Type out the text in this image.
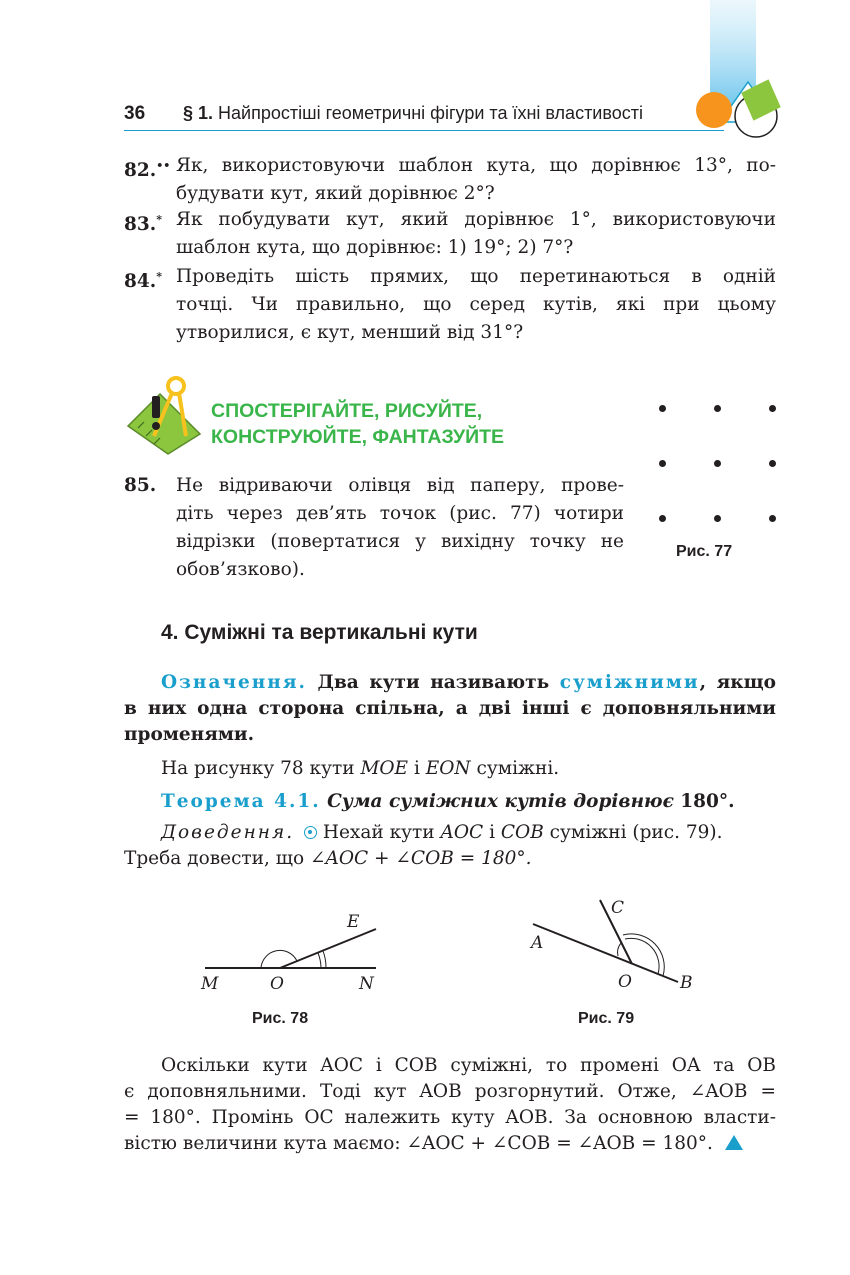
36 § 1. Найпростіші геометричні фігури та їхні властивості
82.•• Як, використовуючи шаблон кута, що дорівнює 13°, по-
будувати кут, який дорівнює 2°?
83.* Як побудувати кут, який дорівнює 1°, використовуючи
шаблон кута, що дорівнює: 1) 19°; 2) 7°?
84.* Проведіть шість прямих, що перетинаються в одній
точці. Чи правильно, що серед кутів, які при цьому
утворилися, є кут, менший від 31°?
СПОСТЕРІГАЙТЕ, РИСУЙТЕ,
КОНСТРУЮЙТЕ, ФАНТАЗУЙТЕ
85. Не відриваючи олівця від паперу, прове-
діть через дев’ять точок (рис. 77) чотири
відрізки (повертатися у вихідну точку не
обов’язково).
Рис. 77
4. Суміжні та вертикальні кути
Означення. Два кути називають суміжними, якщо
в них одна сторона спільна, а дві інші є доповняльними
променями.
На рисунку 78 кути MOE і EON суміжні.
Теорема 4.1. Сума суміжних кутів дорівнює 180°.
Доведення.
Нехай кути AOC і COB суміжні (рис. 79).
Треба довести, що ∠AOC + ∠COB = 180°.
M	O	N
E
Рис. 78
A
O	B
C
Рис. 79
Оскільки кути AOC і COB суміжні, то промені OA та OB
є доповняльними. Тоді кут AOB розгорнутий. Отже, ∠AOB =
= 180°. Промінь OC належить куту AOB. За основною власти-
вістю величини кута маємо: ∠AOC + ∠COB = ∠AOB = 180°.
